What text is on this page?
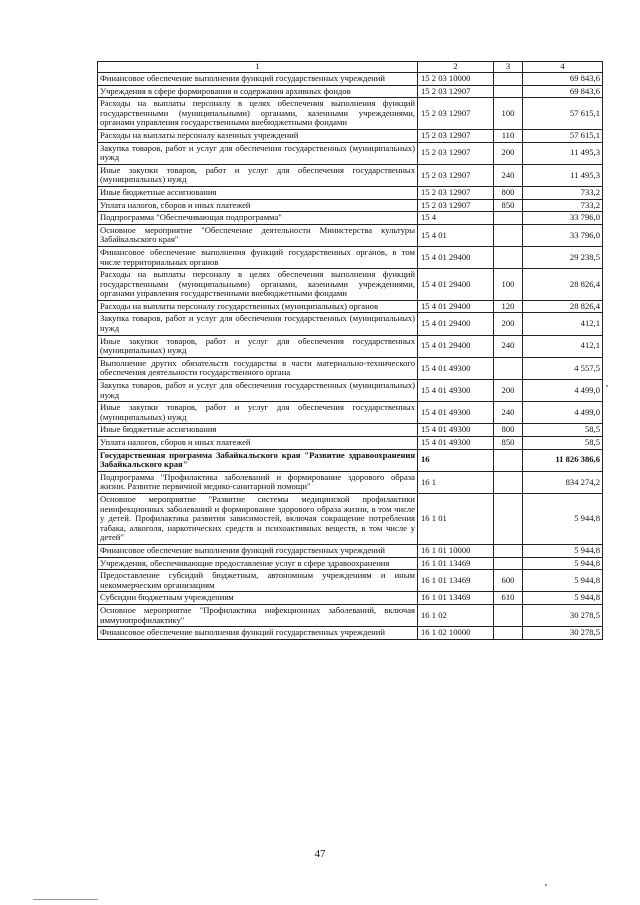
1	2	3	4
Финансовое обеспечение выполнения функций государственных учреждений	15 2 03 10000		69 843,6
Учреждения в сфере формирования и содержания архивных фондов	15 2 03 12907		69 843,6
Расходы на выплаты персоналу в целях обеспечения выполнения функций государственными (муниципальными) органами, казенными учреждениями, органами управления государственными внебюджетными фондами	15 2 03 12907	100	57 615,1
Расходы на выплаты персоналу казенных учреждений	15 2 03 12907	110	57 615,1
Закупка товаров, работ и услуг для обеспечения государственных (муниципальных) нужд	15 2 03 12907	200	11 495,3
Иные закупки товаров, работ и услуг для обеспечения государственных (муниципальных) нужд	15 2 03 12907	240	11 495,3
Иные бюджетные ассигнования	15 2 03 12907	800	733,2
Уплата налогов, сборов и иных платежей	15 2 03 12907	850	733,2
Подпрограмма "Обеспечивающая подпрограмма"	15 4		33 796,0
Основное мероприятие "Обеспечение деятельности Министерства культуры Забайкальского края"	15 4 01		33 796,0
Финансовое обеспечение выполнения функций государственных органов, в том числе территориальных органов	15 4 01 29400		29 238,5
Расходы на выплаты персоналу в целях обеспечения выполнения функций государственными (муниципальными) органами, казенными учреждениями, органами управления государственными внебюджетными фондами	15 4 01 29400	100	28 826,4
Расходы на выплаты персоналу государственных (муниципальных) органов	15 4 01 29400	120	28 826,4
Закупка товаров, работ и услуг для обеспечения государственных (муниципальных) нужд	15 4 01 29400	200	412,1
Иные закупки товаров, работ и услуг для обеспечения государственных (муниципальных) нужд	15 4 01 29400	240	412,1
Выполнение других обязательств государства в части материально-технического обеспечения деятельности государственного органа	15 4 01 49300		4 557,5
Закупка товаров, работ и услуг для обеспечения государственных (муниципальных) нужд	15 4 01 49300	200	4 499,0
Иные закупки товаров, работ и услуг для обеспечения государственных (муниципальных) нужд	15 4 01 49300	240	4 499,0
Иные бюджетные ассигнования	15 4 01 49300	800	58,5
Уплата налогов, сборов и иных платежей	15 4 01 49300	850	58,5
Государственная программа Забайкальского края "Развитие здравоохранения Забайкальского края"	16		11 826 386,6
Подпрограмма "Профилактика заболеваний и формирование здорового образа жизни. Развитие первичной медико-санитарной помощи"	16 1		834 274,2
Основное мероприятие "Развитие системы медицинской профилактики неинфекционных заболеваний и формирование здорового образа жизни, в том числе у детей. Профилактика развития зависимостей, включая сокращение потребления табака, алкоголя, наркотических средств и психоактивных веществ, в том числе у детей"	16 1 01		5 944,8
Финансовое обеспечение выполнения функций государственных учреждений	16 1 01 10000		5 944,8
Учреждения, обеспечивающие предоставление услуг в сфере здравоохранения	16 1 01 13469		5 944,8
Предоставление субсидий бюджетным, автономным учреждениям и иным некоммерческим организациям	16 1 01 13469	600	5 944,8
Субсидии бюджетным учреждениям	16 1 01 13469	610	5 944,8
Основное мероприятие "Профилактика инфекционных заболеваний, включая иммунопрофилактику"	16 1 02		30 278,5
Финансовое обеспечение выполнения функций государственных учреждений	16 1 02 10000		30 278,5
47
